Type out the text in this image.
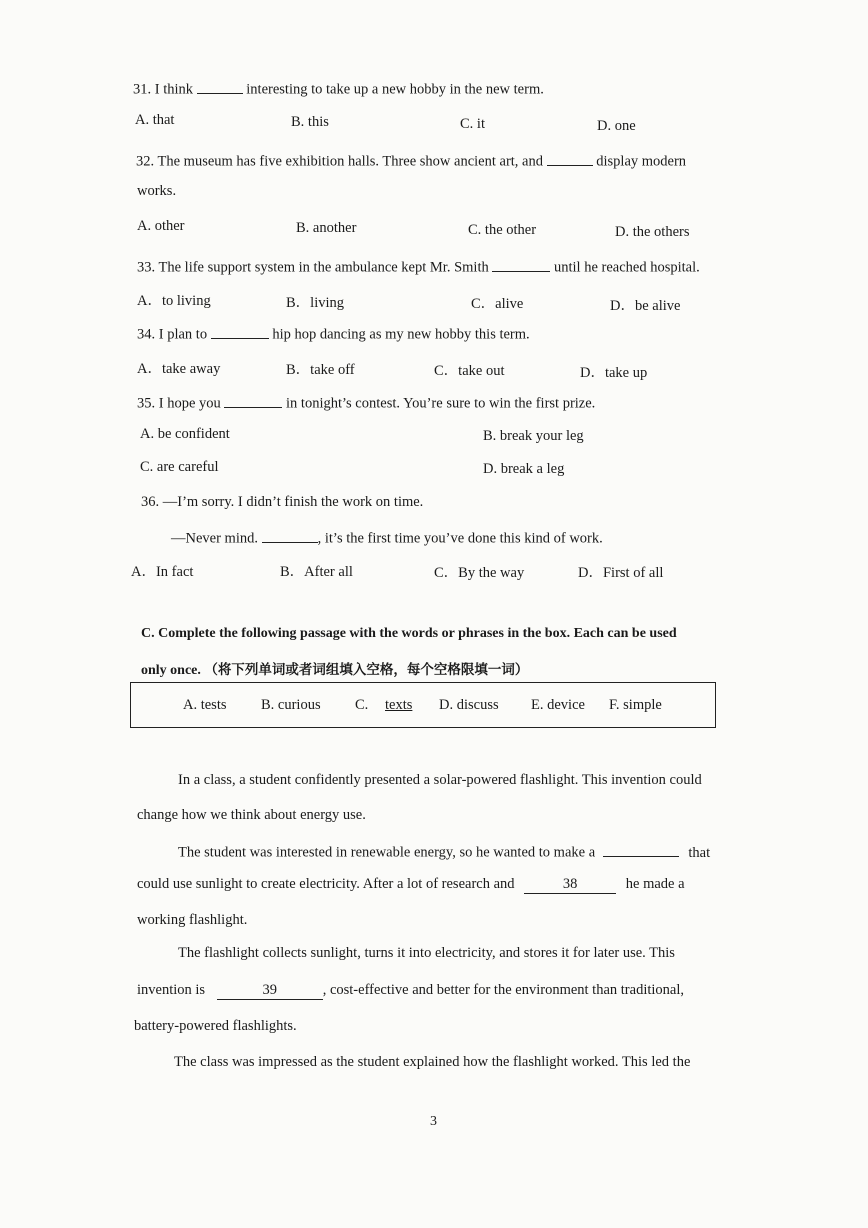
31. I think	interesting to take up a new hobby in the new term.
A. that	B. this	C. it	D. one
32. The museum has five exhibition halls. Three show ancient art, and	display modern
works.
A. other	B. another	C. the other	D. the others
33. The life support system in the ambulance kept Mr. Smith	until he reached hospital.
A．to living	B．living	C．alive	D．be alive
34. I plan to	hip hop dancing as my new hobby this term.
A．take away	B．take off	C．take out	D．take up
35. I hope you	in tonight’s contest. You’re sure to win the first prize.
A. be confident	B. break your leg
C. are careful	D. break a leg
36. —I’m sorry. I didn’t finish the work on time.
—Never mind.	, it’s the first time you’ve done this kind of work.
A．In fact	B．After all	C．By the way	D．First of all
C. Complete the following passage with the words or phrases in the box. Each can be used
only once. （将下列单词或者词组填入空格，每个空格限填一词）
A. tests B. curious C. texts D. discuss E. device F. simple
In a class, a student confidently presented a solar-powered flashlight. This invention could
change how we think about energy use.
The student was interested in renewable energy, so he wanted to make a	that
could use sunlight to create electricity. After a lot of research and	38	he made a
working flashlight.
The flashlight collects sunlight, turns it into electricity, and stores it for later use. This
invention is	39	, cost-effective and better for the environment than traditional,
battery-powered flashlights.
The class was impressed as the student explained how the flashlight worked. This led the
3
